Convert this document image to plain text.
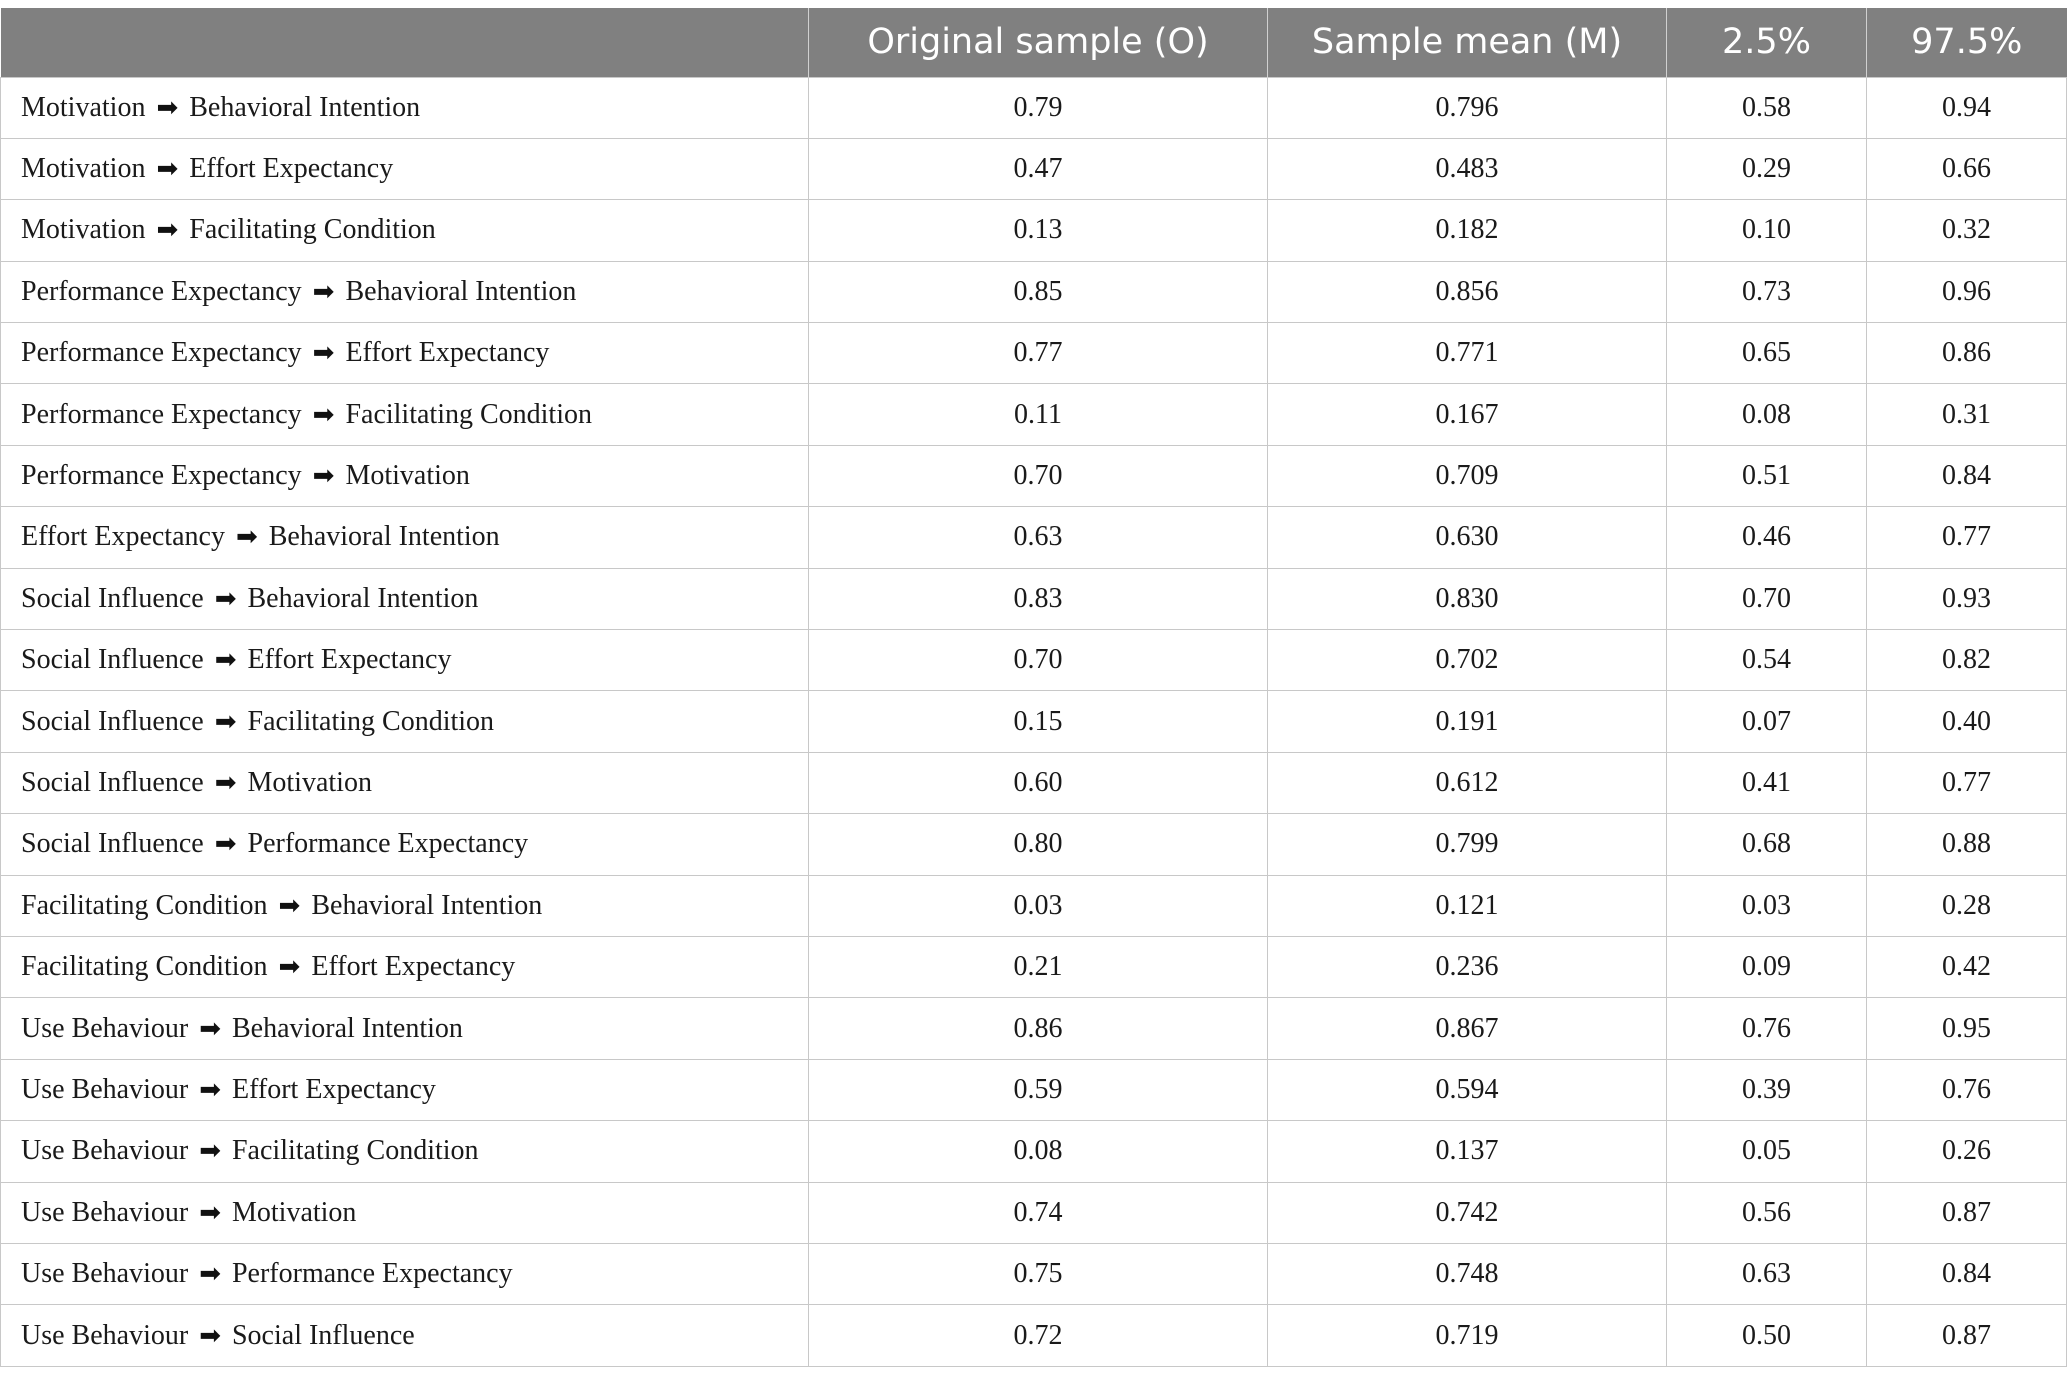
	Original sample (O)	Sample mean (M)	2.5%	97.5%
Motivation ➡ Behavioral Intention	0.79	0.796	0.58	0.94
Motivation ➡ Effort Expectancy	0.47	0.483	0.29	0.66
Motivation ➡ Facilitating Condition	0.13	0.182	0.10	0.32
Performance Expectancy ➡ Behavioral Intention	0.85	0.856	0.73	0.96
Performance Expectancy ➡ Effort Expectancy	0.77	0.771	0.65	0.86
Performance Expectancy ➡ Facilitating Condition	0.11	0.167	0.08	0.31
Performance Expectancy ➡ Motivation	0.70	0.709	0.51	0.84
Effort Expectancy ➡ Behavioral Intention	0.63	0.630	0.46	0.77
Social Influence ➡ Behavioral Intention	0.83	0.830	0.70	0.93
Social Influence ➡ Effort Expectancy	0.70	0.702	0.54	0.82
Social Influence ➡ Facilitating Condition	0.15	0.191	0.07	0.40
Social Influence ➡ Motivation	0.60	0.612	0.41	0.77
Social Influence ➡ Performance Expectancy	0.80	0.799	0.68	0.88
Facilitating Condition ➡ Behavioral Intention	0.03	0.121	0.03	0.28
Facilitating Condition ➡ Effort Expectancy	0.21	0.236	0.09	0.42
Use Behaviour ➡ Behavioral Intention	0.86	0.867	0.76	0.95
Use Behaviour ➡ Effort Expectancy	0.59	0.594	0.39	0.76
Use Behaviour ➡ Facilitating Condition	0.08	0.137	0.05	0.26
Use Behaviour ➡ Motivation	0.74	0.742	0.56	0.87
Use Behaviour ➡ Performance Expectancy	0.75	0.748	0.63	0.84
Use Behaviour ➡ Social Influence	0.72	0.719	0.50	0.87
